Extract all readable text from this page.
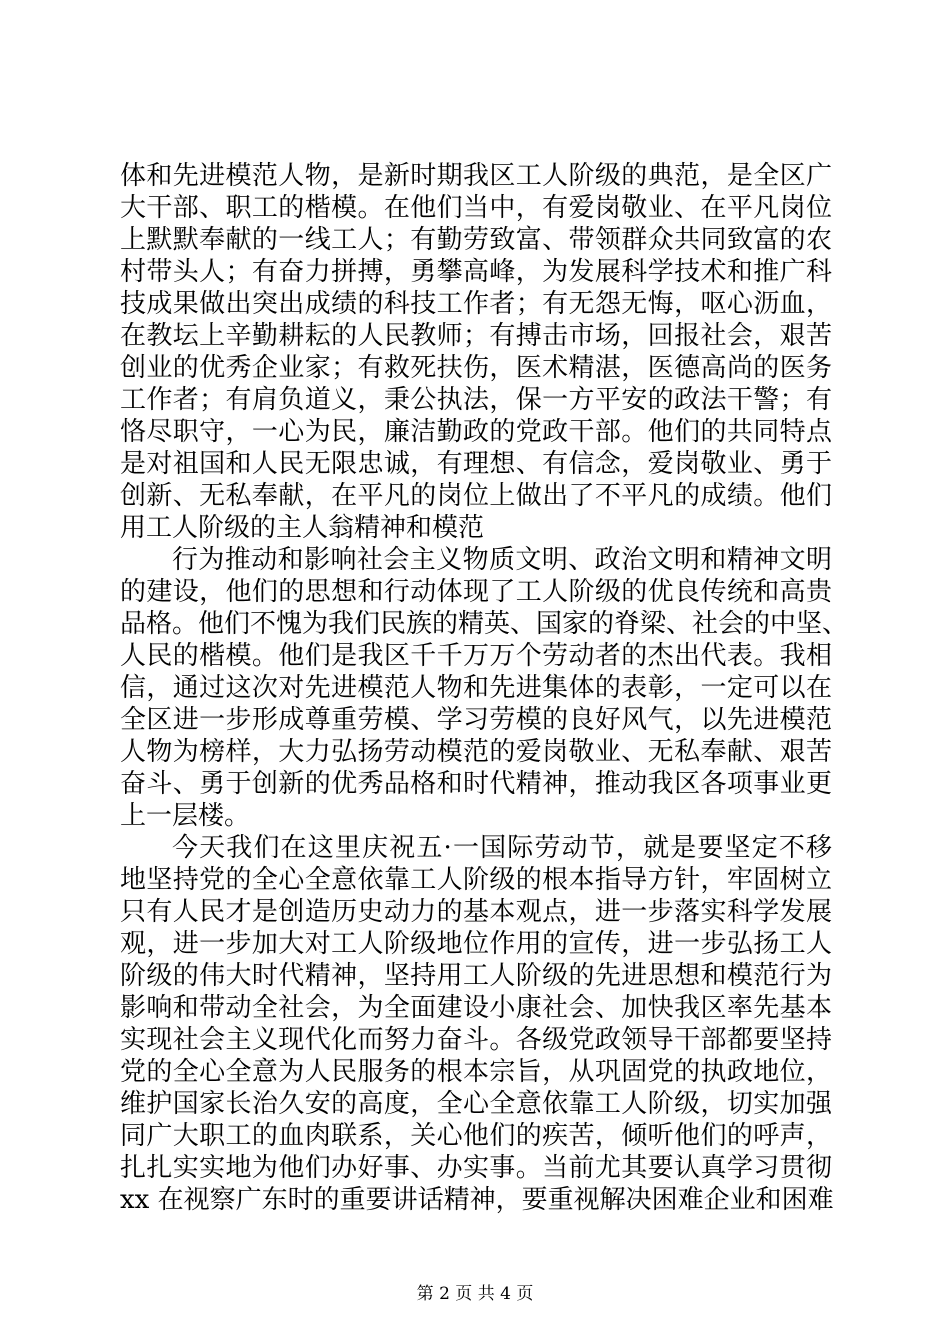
体和先进模范人物，是新时期我区工人阶级的典范，是全区广
大干部、职工的楷模。在他们当中，有爱岗敬业、在平凡岗位
上默默奉献的一线工人；有勤劳致富、带领群众共同致富的农
村带头人；有奋力拼搏，勇攀高峰，为发展科学技术和推广科
技成果做出突出成绩的科技工作者；有无怨无悔，呕心沥血，
在教坛上辛勤耕耘的人民教师；有搏击市场，回报社会，艰苦
创业的优秀企业家；有救死扶伤，医术精湛，医德高尚的医务
工作者；有肩负道义，秉公执法，保一方平安的政法干警；有
恪尽职守，一心为民，廉洁勤政的党政干部。他们的共同特点
是对祖国和人民无限忠诚，有理想、有信念，爱岗敬业、勇于
创新、无私奉献，在平凡的岗位上做出了不平凡的成绩。他们
用工人阶级的主人翁精神和模范
行为推动和影响社会主义物质文明、政治文明和精神文明
的建设，他们的思想和行动体现了工人阶级的优良传统和高贵
品格。他们不愧为我们民族的精英、国家的脊梁、社会的中坚、
人民的楷模。他们是我区千千万万个劳动者的杰出代表。我相
信，通过这次对先进模范人物和先进集体的表彰，一定可以在
全区进一步形成尊重劳模、学习劳模的良好风气，以先进模范
人物为榜样，大力弘扬劳动模范的爱岗敬业、无私奉献、艰苦
奋斗、勇于创新的优秀品格和时代精神，推动我区各项事业更
上一层楼。
今天我们在这里庆祝五·一国际劳动节，就是要坚定不移
地坚持党的全心全意依靠工人阶级的根本指导方针，牢固树立
只有人民才是创造历史动力的基本观点，进一步落实科学发展
观，进一步加大对工人阶级地位作用的宣传，进一步弘扬工人
阶级的伟大时代精神，坚持用工人阶级的先进思想和模范行为
影响和带动全社会，为全面建设小康社会、加快我区率先基本
实现社会主义现代化而努力奋斗。各级党政领导干部都要坚持
党的全心全意为人民服务的根本宗旨，从巩固党的执政地位，
维护国家长治久安的高度，全心全意依靠工人阶级，切实加强
同广大职工的血肉联系，关心他们的疾苦，倾听他们的呼声，
扎扎实实地为他们办好事、办实事。当前尤其要认真学习贯彻
xx 在视察广东时的重要讲话精神，要重视解决困难企业和困难
第 2 页 共 4 页
